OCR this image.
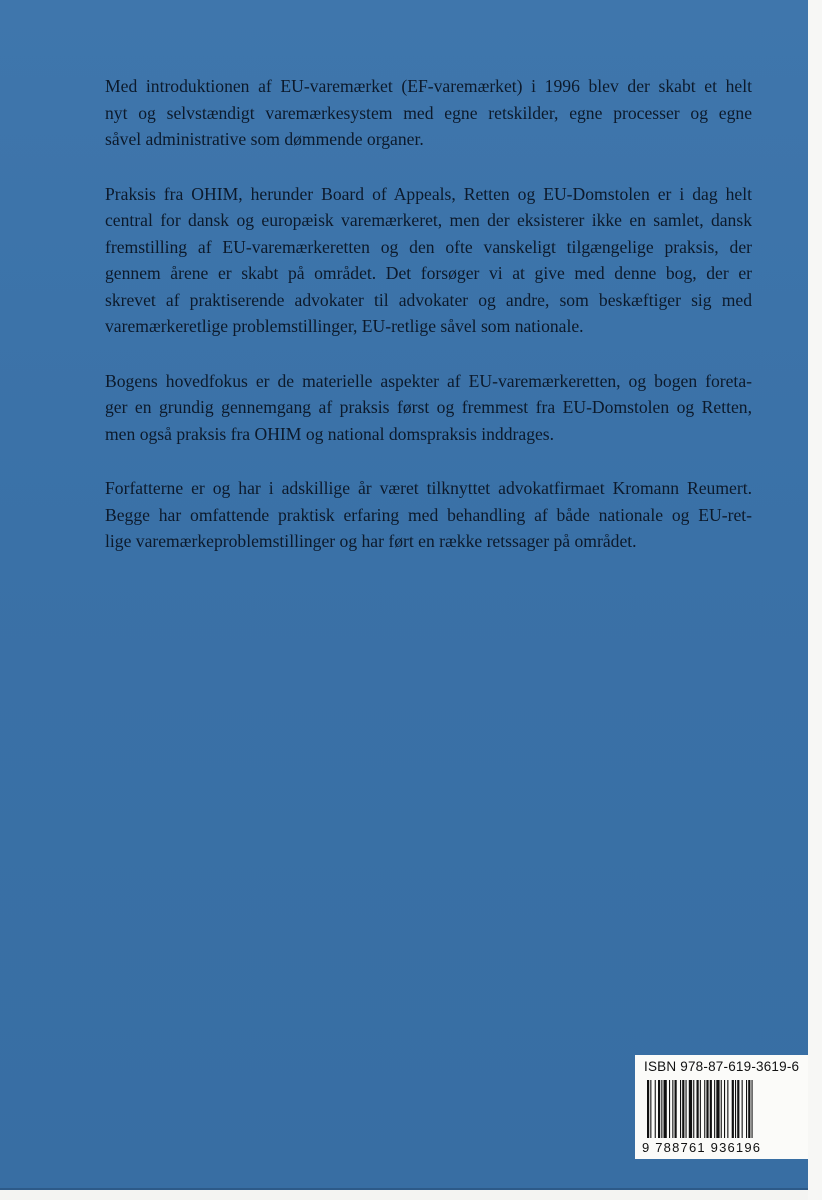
Med introduktionen af EU-varemærket (EF-varemærket) i 1996 blev der skabt et helt
nyt og selvstændigt varemærkesystem med egne retskilder, egne processer og egne
såvel administrative som dømmende organer.

Praksis fra OHIM, herunder Board of Appeals, Retten og EU-Domstolen er i dag helt
central for dansk og europæisk varemærkeret, men der eksisterer ikke en samlet, dansk
fremstilling af EU-varemærkeretten og den ofte vanskeligt tilgængelige praksis, der
gennem årene er skabt på området. Det forsøger vi at give med denne bog, der er
skrevet af praktiserende advokater til advokater og andre, som beskæftiger sig med
varemærkeretlige problemstillinger, EU-retlige såvel som nationale.

Bogens hovedfokus er de materielle aspekter af EU-varemærkeretten, og bogen foreta-
ger en grundig gennemgang af praksis først og fremmest fra EU-Domstolen og Retten,
men også praksis fra OHIM og national domspraksis inddrages.

Forfatterne er og har i adskillige år været tilknyttet advokatfirmaet Kromann Reumert.
Begge har omfattende praktisk erfaring med behandling af både nationale og EU-ret-
lige varemærkeproblemstillinger og har ført en række retssager på området.

ISBN 978-87-619-3619-6
9 788761 936196
